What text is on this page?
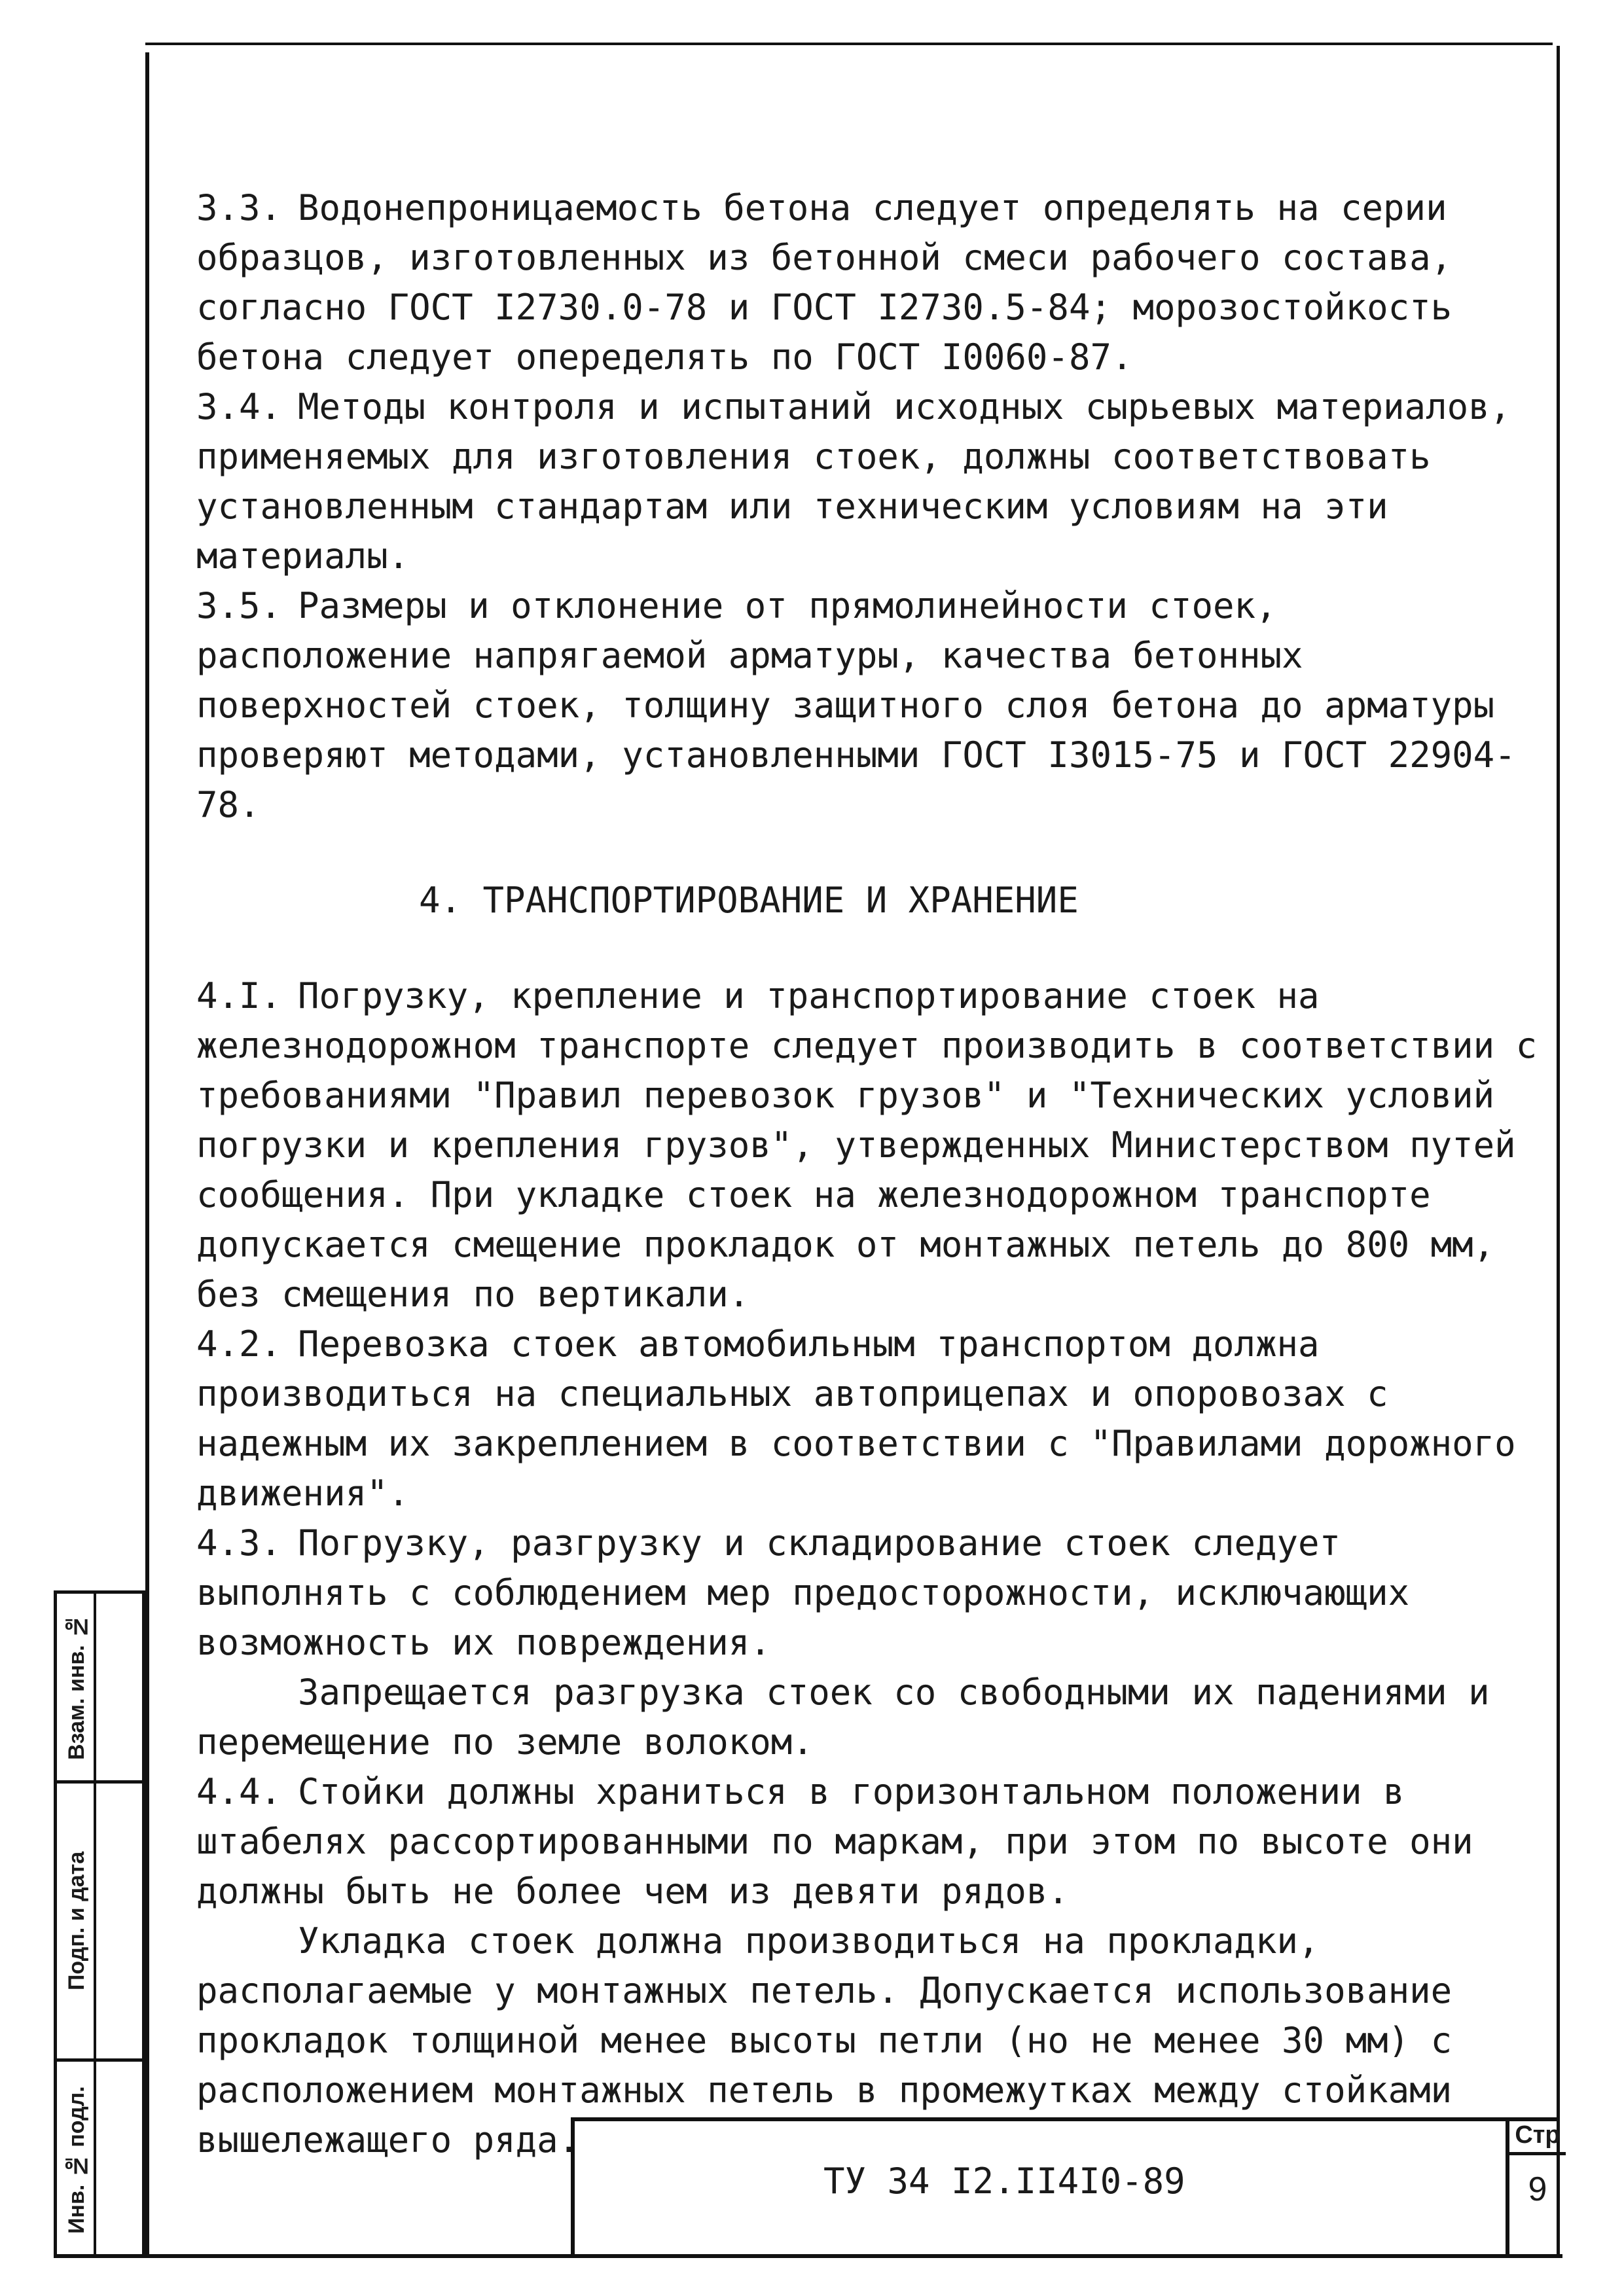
3.3. Водонепроницаемость бетона следует определять на серии образцов, изготовленных из бетонной смеси рабочего состава, согласно ГОСТ I2730.0-78 и ГОСТ I2730.5-84; морозостойкость бетона следует опеределять по ГОСТ I0060-87.

3.4. Методы контроля и испытаний исходных сырьевых материалов, применяемых для изготовления стоек, должны соответствовать установленным стандартам или техническим условиям на эти материалы.

3.5. Размеры и отклонение от прямолинейности стоек, расположение напрягаемой арматуры, качества бетонных поверхностей стоек, толщину защитного слоя бетона до арматуры проверяют методами, установленными ГОСТ I3015-75 и ГОСТ 22904-78.

4. ТРАНСПОРТИРОВАНИЕ И ХРАНЕНИЕ

4.I. Погрузку, крепление и транспортирование стоек на железнодорожном транспорте следует производить в соответствии с требованиями "Правил перевозок грузов" и "Технических условий погрузки и крепления грузов", утвержденных Министерством путей сообщения. При укладке стоек на железнодорожном транспорте допускается смещение прокладок от монтажных петель до 800 мм, без смещения по вертикали.

4.2. Перевозка стоек автомобильным транспортом должна производиться на специальных автоприцепах и опоровозах с надежным их закреплением в соответствии с "Правилами дорожного движения".

4.3. Погрузку, разгрузку и складирование стоек следует выполнять с соблюдением мер предосторожности, исключающих возможность их повреждения.

Запрещается разгрузка стоек со свободными их падениями и перемещение по земле волоком.

4.4. Стойки должны храниться в горизонтальном положении в штабелях рассортированными по маркам, при этом по высоте они должны быть не более чем из девяти рядов.

Укладка стоек должна производиться на прокладки, располагаемые у монтажных петель. Допускается использование прокладок толщиной менее высоты петли (но не менее 30 мм) с расположением монтажных петель в промежутках между стойками вышележащего ряда.

Взам. инв. №
Подп. и дата
Инв. № подл.	ТУ 34 I2.II4I0-89
Стр
9
